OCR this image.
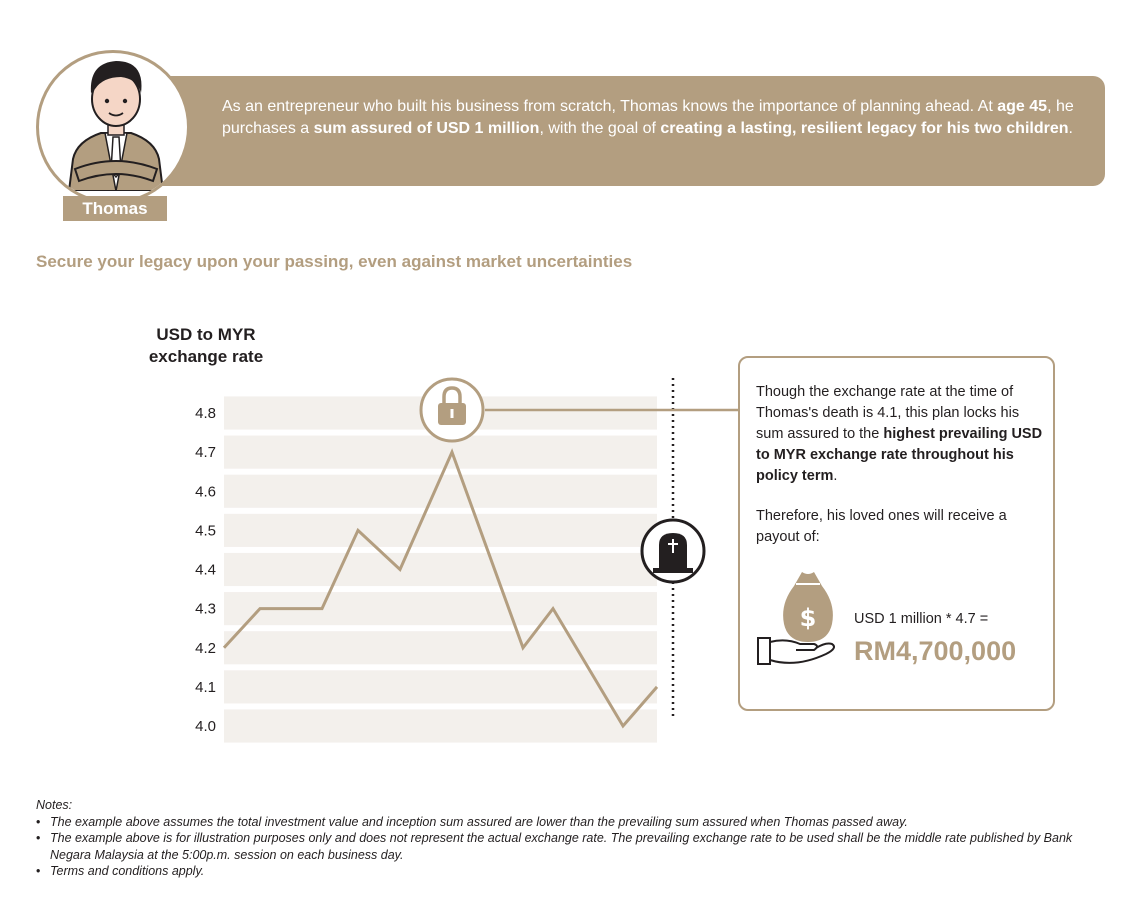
As an entrepreneur who built his business from scratch, Thomas knows the importance of planning ahead. At age 45, he purchases a sum assured of USD 1 million, with the goal of creating a lasting, resilient legacy for his two children.
Thomas
Secure your legacy upon your passing, even against market uncertainties
USD to MYR exchange rate
4.0
4.1
4.2
4.3
4.4
4.5
4.6
4.7
4.8
Though the exchange rate at the time of Thomas's death is 4.1, this plan locks his sum assured to the highest prevailing USD to MYR exchange rate throughout his policy term.
Therefore, his loved ones will receive a payout of:
$	USD 1 million * 4.7 =
RM4,700,000
Notes:
• The example above assumes the total investment value and inception sum assured are lower than the prevailing sum assured when Thomas passed away.
• The example above is for illustration purposes only and does not represent the actual exchange rate. The prevailing exchange rate to be used shall be the middle rate published by Bank Negara Malaysia at the 5:00p.m. session on each business day.
• Terms and conditions apply.
